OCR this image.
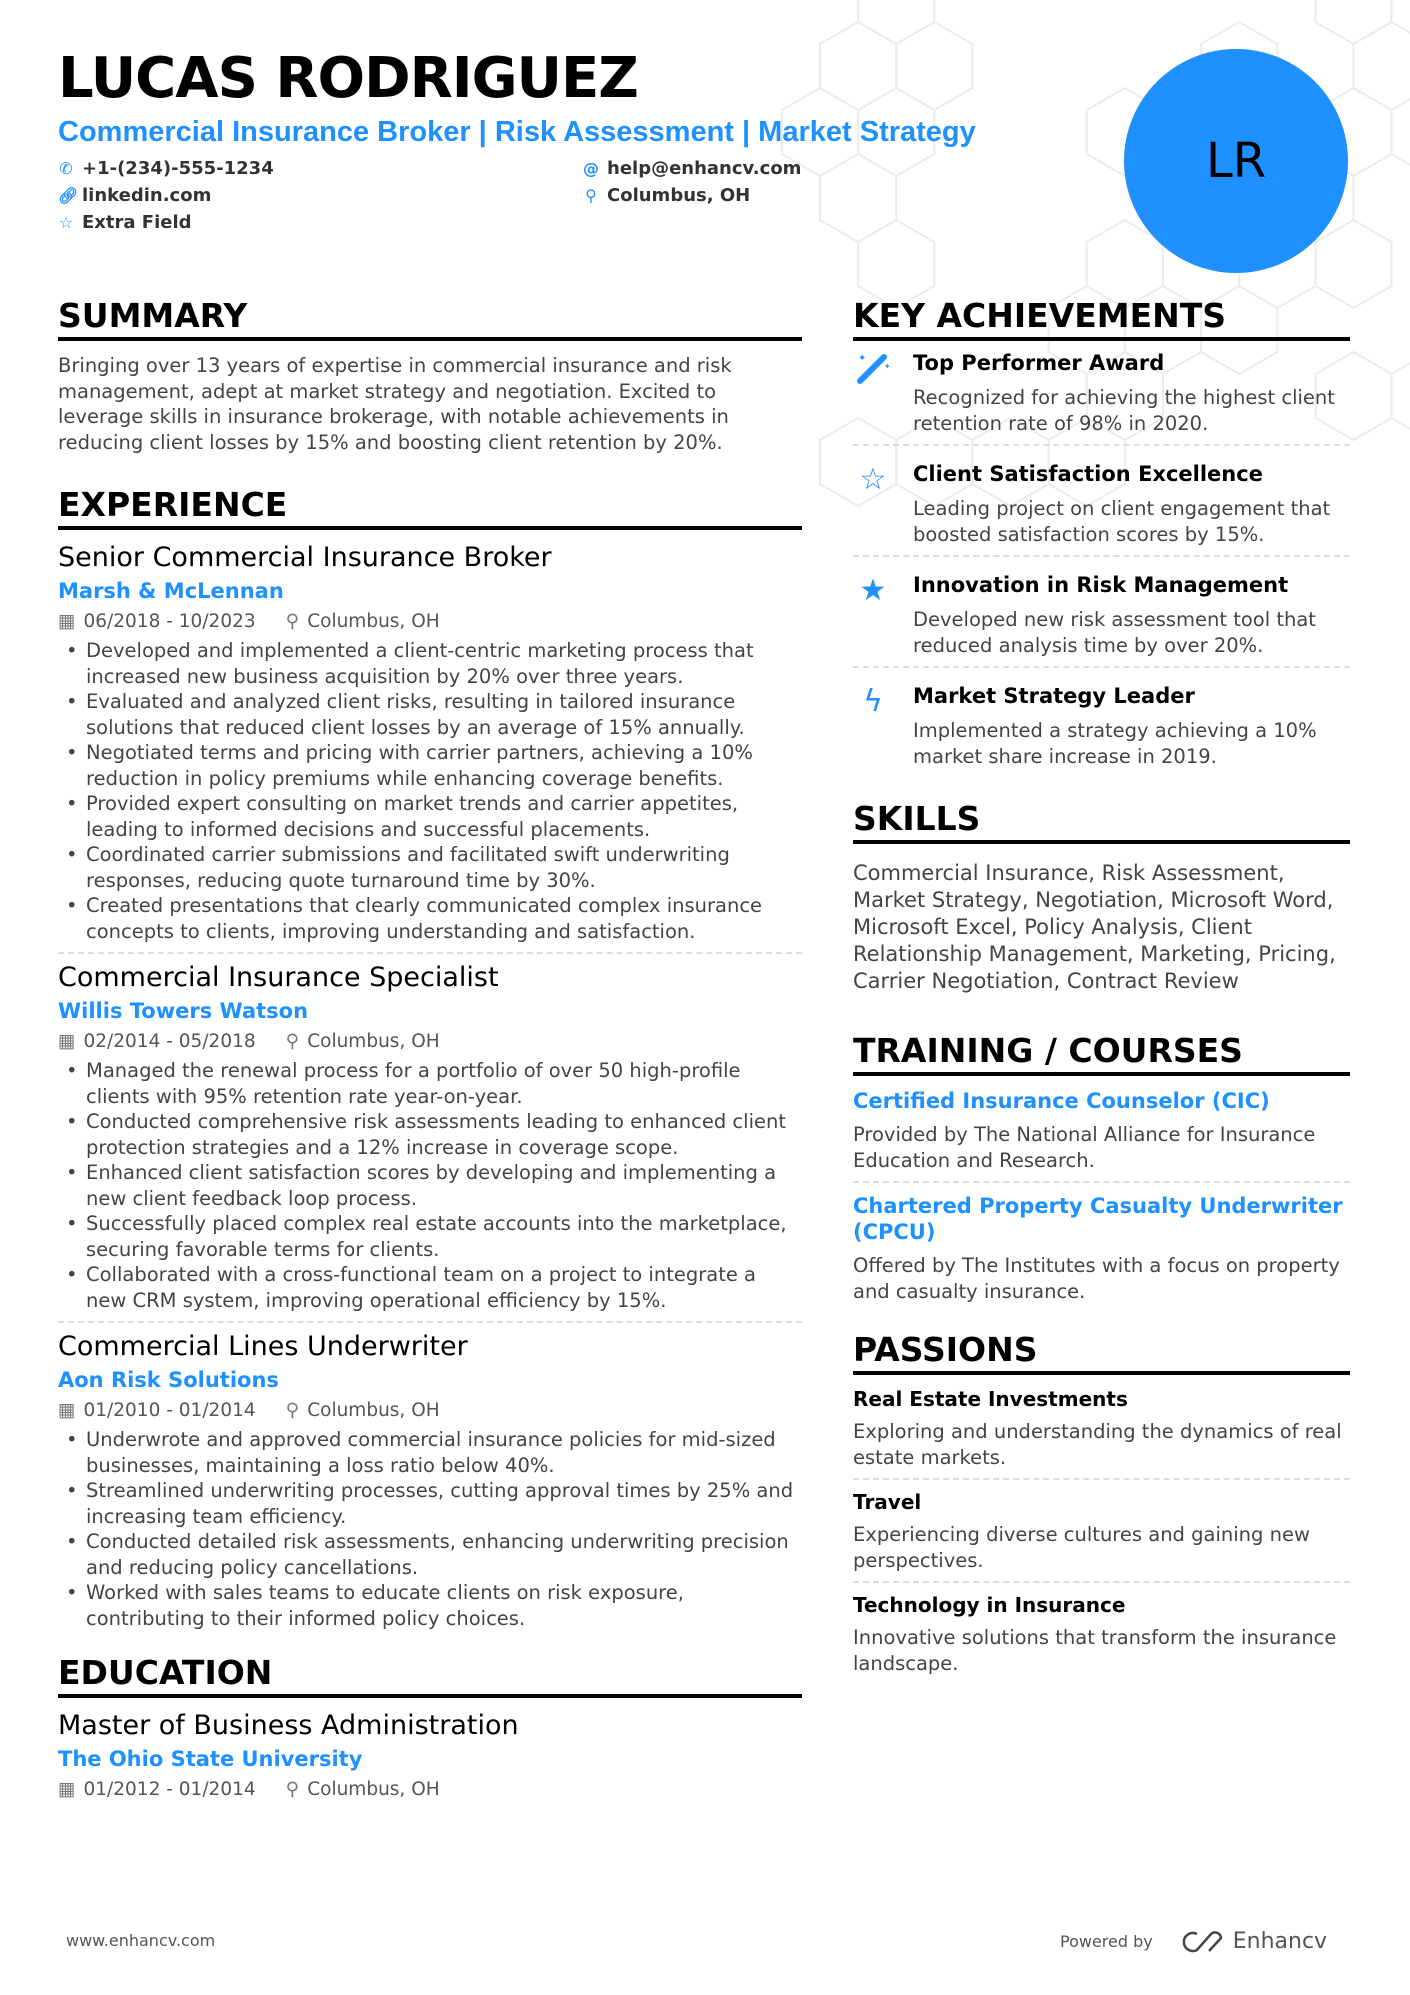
LUCAS RODRIGUEZ
Commercial Insurance Broker | Risk Assessment | Market Strategy
✆ +1-(234)-555-1234
🔗︎ linkedin.com
☆ Extra Field
@ help@enhancv.com
⚲ Columbus, OH
LR
SUMMARY
Bringing over 13 years of expertise in commercial insurance and risk management, adept at market strategy and negotiation. Excited to leverage skills in insurance brokerage, with notable achievements in reducing client losses by 15% and boosting client retention by 20%.
EXPERIENCE
Senior Commercial Insurance Broker
Marsh & McLennan
▦ 06/2018 - 10/2023 ⚲ Columbus, OH
• Developed and implemented a client-centric marketing process that increased new business acquisition by 20% over three years.
• Evaluated and analyzed client risks, resulting in tailored insurance solutions that reduced client losses by an average of 15% annually.
• Negotiated terms and pricing with carrier partners, achieving a 10% reduction in policy premiums while enhancing coverage benefits.
• Provided expert consulting on market trends and carrier appetites, leading to informed decisions and successful placements.
• Coordinated carrier submissions and facilitated swift underwriting responses, reducing quote turnaround time by 30%.
• Created presentations that clearly communicated complex insurance concepts to clients, improving understanding and satisfaction.
Commercial Insurance Specialist
Willis Towers Watson
▦ 02/2014 - 05/2018 ⚲ Columbus, OH
• Managed the renewal process for a portfolio of over 50 high-profile clients with 95% retention rate year-on-year.
• Conducted comprehensive risk assessments leading to enhanced client protection strategies and a 12% increase in coverage scope.
• Enhanced client satisfaction scores by developing and implementing a new client feedback loop process.
• Successfully placed complex real estate accounts into the marketplace, securing favorable terms for clients.
• Collaborated with a cross-functional team on a project to integrate a new CRM system, improving operational efficiency by 15%.
Commercial Lines Underwriter
Aon Risk Solutions
▦ 01/2010 - 01/2014 ⚲ Columbus, OH
• Underwrote and approved commercial insurance policies for mid-sized businesses, maintaining a loss ratio below 40%.
• Streamlined underwriting processes, cutting approval times by 25% and increasing team efficiency.
• Conducted detailed risk assessments, enhancing underwriting precision and reducing policy cancellations.
• Worked with sales teams to educate clients on risk exposure, contributing to their informed policy choices.
EDUCATION
Master of Business Administration
The Ohio State University
▦ 01/2012 - 01/2014 ⚲ Columbus, OH
KEY ACHIEVEMENTS
✦
✦ Top Performer Award
Recognized for achieving the highest client retention rate of 98% in 2020.
☆	Client Satisfaction Excellence
Leading project on client engagement that boosted satisfaction scores by 15%.
★	Innovation in Risk Management
Developed new risk assessment tool that reduced analysis time by over 20%.
ϟ	Market Strategy Leader
Implemented a strategy achieving a 10% market share increase in 2019.
SKILLS
Commercial Insurance, Risk Assessment, Market Strategy, Negotiation, Microsoft Word, Microsoft Excel, Policy Analysis, Client Relationship Management, Marketing, Pricing, Carrier Negotiation, Contract Review
TRAINING / COURSES
Certified Insurance Counselor (CIC)
Provided by The National Alliance for Insurance Education and Research.
Chartered Property Casualty Underwriter (CPCU)
Offered by The Institutes with a focus on property and casualty insurance.
PASSIONS
Real Estate Investments
Exploring and understanding the dynamics of real estate markets.
Travel
Experiencing diverse cultures and gaining new perspectives.
Technology in Insurance
Innovative solutions that transform the insurance landscape.
www.enhancv.com	Powered by	Enhancv
